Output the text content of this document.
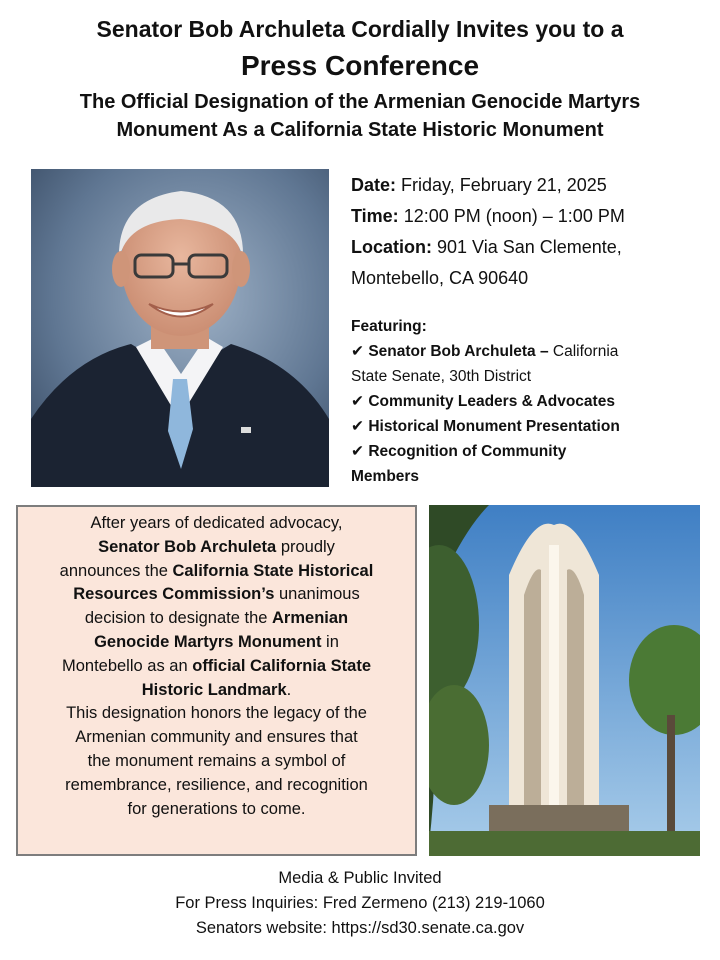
Senator Bob Archuleta Cordially Invites you to a
Press Conference
The Official Designation of the Armenian Genocide Martyrs
Monument As a California State Historic Monument
Date: Friday, February 21, 2025
Time: 12:00 PM (noon) – 1:00 PM
Location: 901 Via San Clemente,
Montebello, CA 90640
Featuring:
✔ Senator Bob Archuleta – California
State Senate, 30th District
✔ Community Leaders & Advocates
✔ Historical Monument Presentation
✔ Recognition of Community
Members
After years of dedicated advocacy,
Senator Bob Archuleta proudly
announces the California State Historical
Resources Commission’s unanimous
decision to designate the Armenian
Genocide Martyrs Monument in
Montebello as an official California State
Historic Landmark.
This designation honors the legacy of the
Armenian community and ensures that
the monument remains a symbol of
remembrance, resilience, and recognition
for generations to come.
Media & Public Invited
For Press Inquiries: Fred Zermeno (213) 219-1060
Senators website: https://sd30.senate.ca.gov
